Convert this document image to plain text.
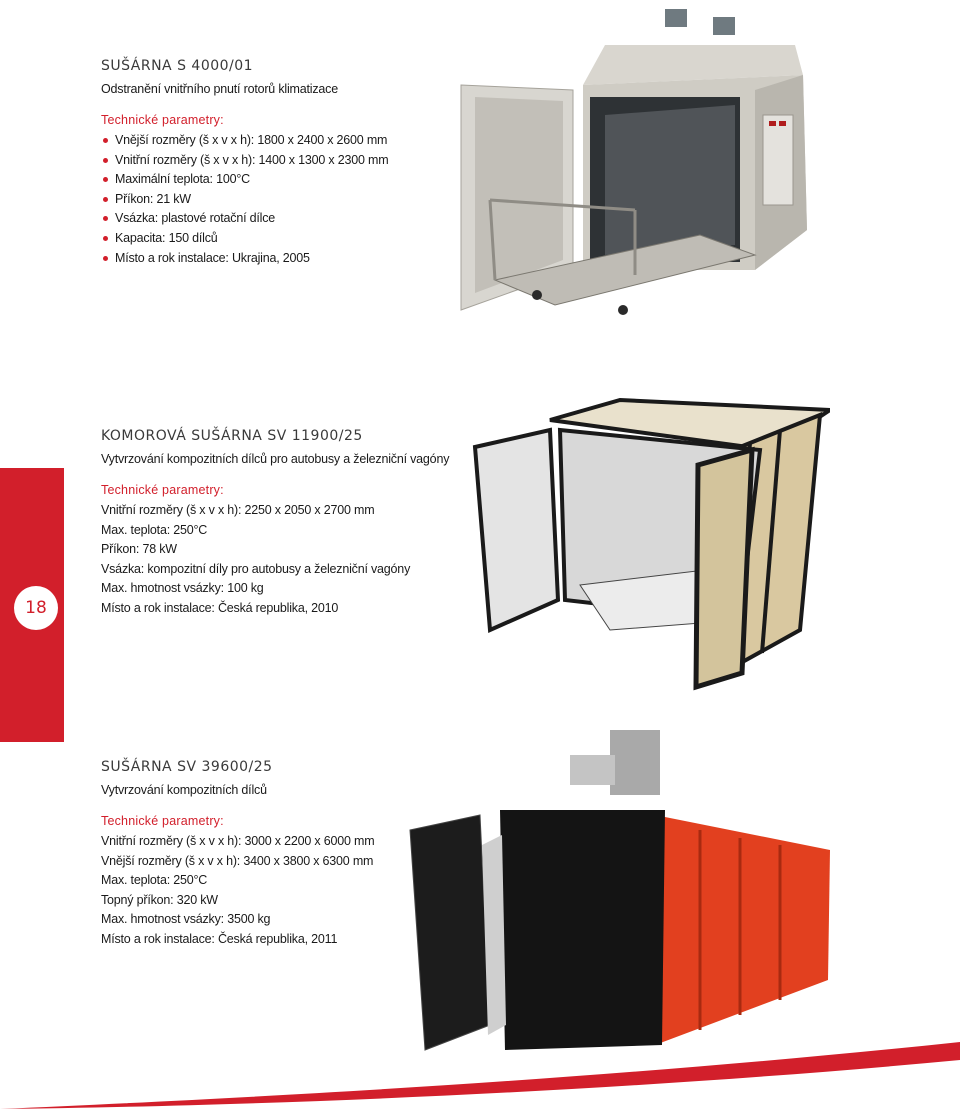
18

SUŠÁRNA S 4000/01

Odstranění vnitřního pnutí rotorů klimatizace

Technické parametry:

Vnější rozměry (š x v x h): 1800 x 2400 x 2600 mm
Vnitřní rozměry (š x v x h): 1400 x 1300 x 2300 mm
Maximální teplota: 100°C
Příkon: 21 kW
Vsázka: plastové rotační dílce
Kapacita: 150 dílců
Místo a rok instalace: Ukrajina, 2005

KOMOROVÁ SUŠÁRNA SV 11900/25

Vytvrzování kompozitních dílců pro autobusy a železniční vagóny

Technické parametry:

Vnitřní rozměry (š x v x h): 2250 x 2050 x 2700 mm
Max. teplota: 250°C
Příkon: 78 kW
Vsázka: kompozitní díly pro autobusy a železniční vagóny
Max. hmotnost vsázky: 100 kg
Místo a rok instalace: Česká republika, 2010

SUŠÁRNA SV 39600/25

Vytvrzování kompozitních dílců

Technické parametry:

Vnitřní rozměry (š x v x h): 3000 x 2200 x 6000 mm
Vnější rozměry (š x v x h): 3400 x 3800 x 6300 mm
Max. teplota: 250°C
Topný příkon: 320 kW
Max. hmotnost vsázky: 3500 kg
Místo a rok instalace: Česká republika, 2011
